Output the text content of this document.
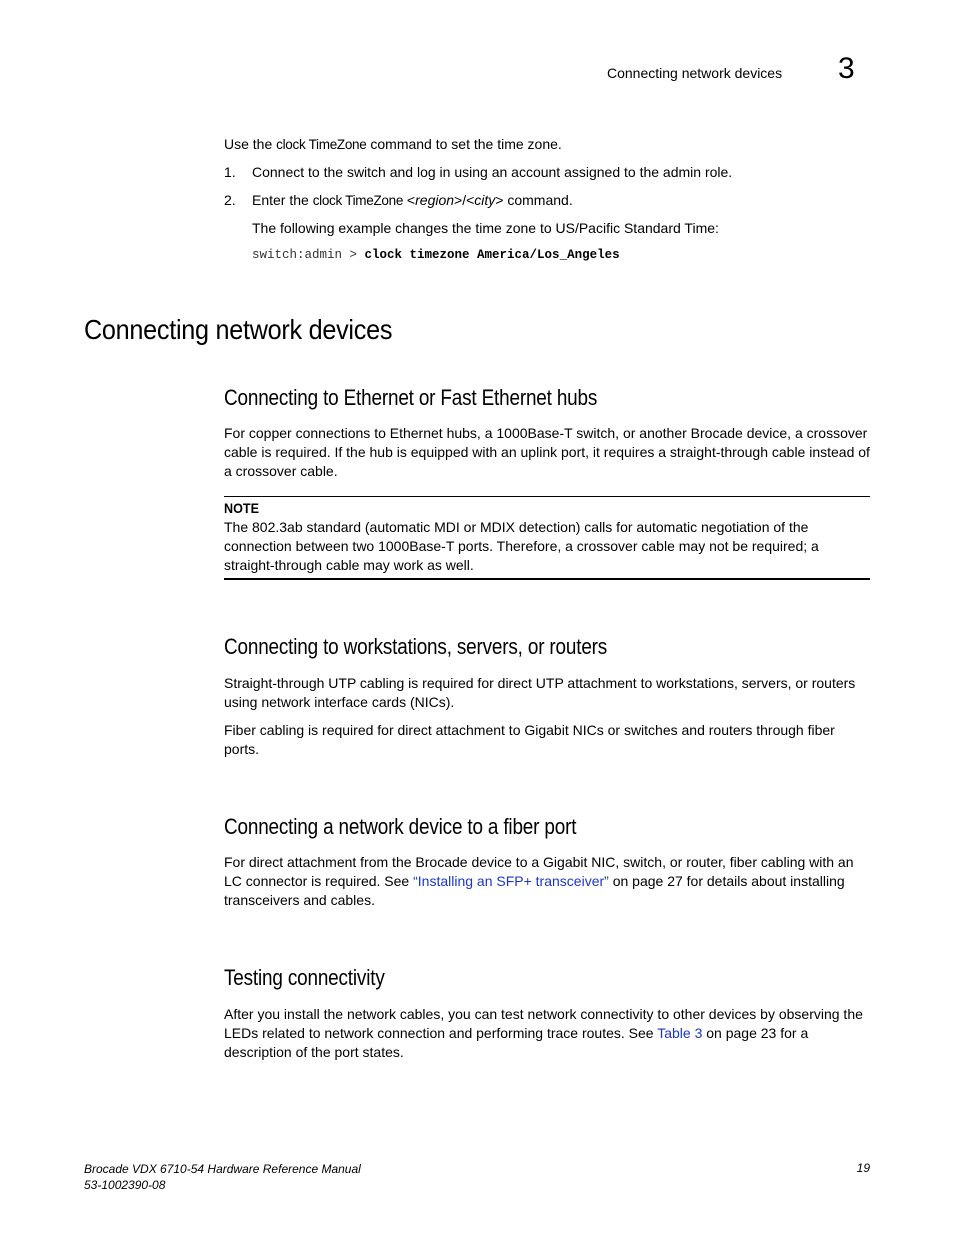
Connecting network devices 3

Use the clock TimeZone command to set the time zone.

1. Connect to the switch and log in using an account assigned to the admin role.
2. Enter the clock TimeZone <region>/<city> command.

The following example changes the time zone to US/Pacific Standard Time:

switch:admin > clock timezone America/Los_Angeles
Connecting network devices
Connecting to Ethernet or Fast Ethernet hubs

For copper connections to Ethernet hubs, a 1000Base-T switch, or another Brocade device, a crossover cable is required. If the hub is equipped with an uplink port, it requires a straight-through cable instead of a crossover cable.

NOTE
The 802.3ab standard (automatic MDI or MDIX detection) calls for automatic negotiation of the connection between two 1000Base-T ports. Therefore, a crossover cable may not be required; a straight-through cable may work as well.
Connecting to workstations, servers, or routers

Straight-through UTP cabling is required for direct UTP attachment to workstations, servers, or routers using network interface cards (NICs).

Fiber cabling is required for direct attachment to Gigabit NICs or switches and routers through fiber ports.

Connecting a network device to a fiber port

For direct attachment from the Brocade device to a Gigabit NIC, switch, or router, fiber cabling with an LC connector is required. See “Installing an SFP+ transceiver” on page 27 for details about installing transceivers and cables.

Testing connectivity

After you install the network cables, you can test network connectivity to other devices by observing the LEDs related to network connection and performing trace routes. See Table 3 on page 23 for a description of the port states.

Brocade VDX 6710-54 Hardware Reference Manual
53-1002390-08
19
